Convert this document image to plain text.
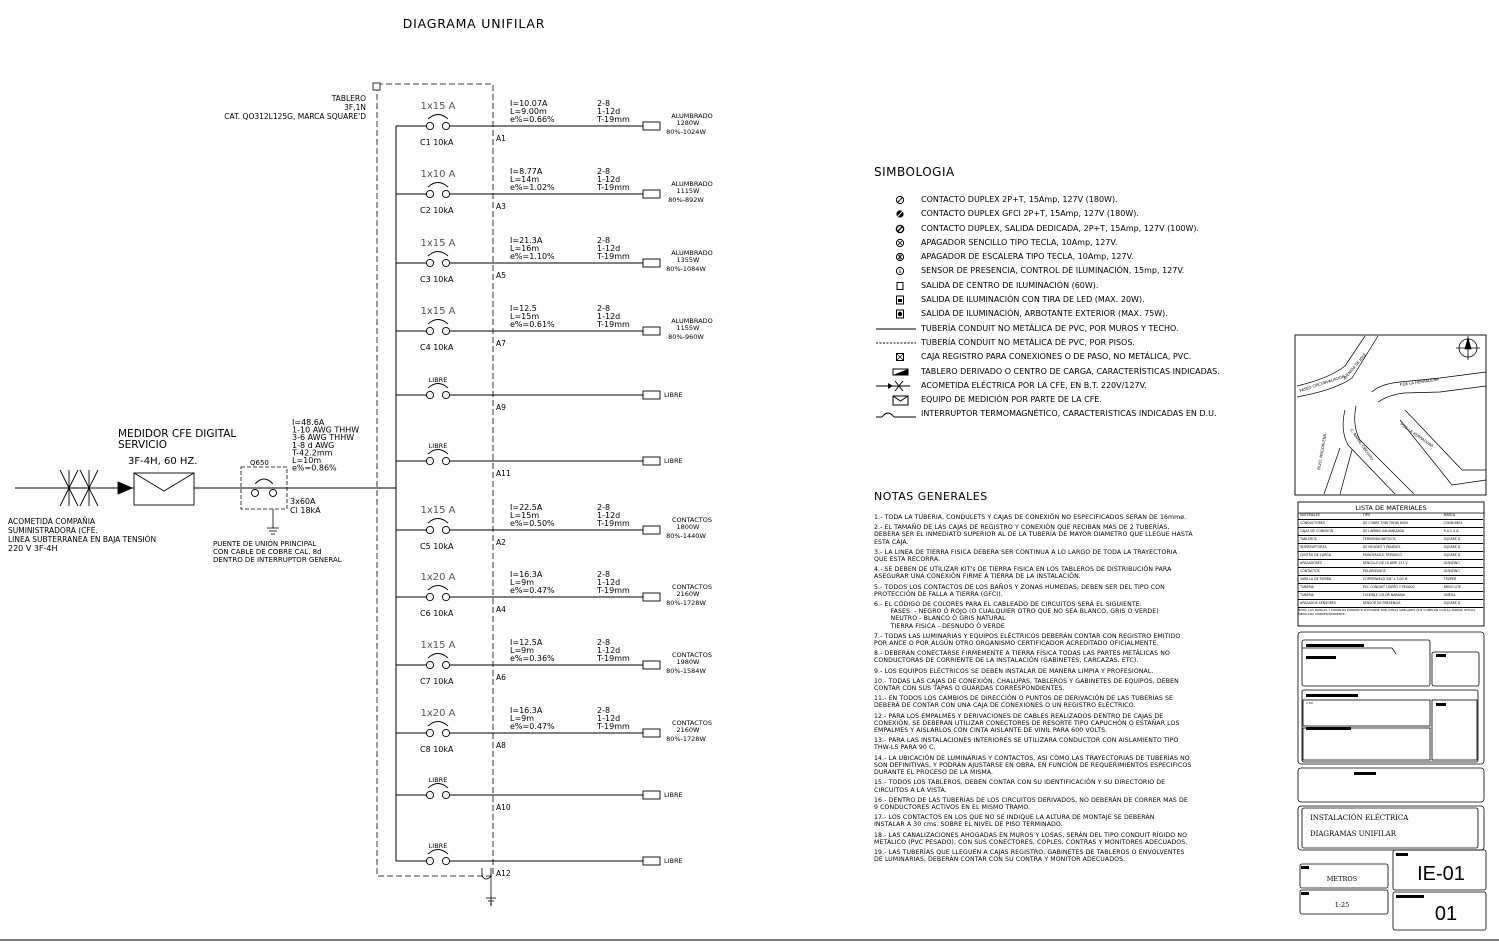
DIAGRAMA UNIFILAR
TABLERO
3F,1N
CAT. QO312L125G, MARCA SQUARE'D
1x15 A
C1 10kA
I=10.07A
L=9.00m
e%=0.66%
2-8
1-12d
T-19mm	ALUMBRADO
1280W
80%-1024W
A1
1x10 A
C2 10kA
I=8.77A
L=14m
e%=1.02%
2-8
1-12d
T-19mm	ALUMBRADO
1115W
80%-892W
A3
1x15 A
C3 10kA
I=21.3A
L=16m
e%=1.10%
2-8
1-12d
T-19mm	ALUMBRADO
1355W
80%-1084W
A5
1x15 A
C4 10kA
I=12.5
L=15m
e%=0.61%
2-8
1-12d
T-19mm	ALUMBRADO
1155W
80%-960W
A7
LIBRE
LIBRE
A9
LIBRE
LIBRE
A11
1x15 A
C5 10kA
I=22.5A
L=15m
e%=0.50%
2-8
1-12d
T-19mm	CONTACTOS
1800W
80%-1440W
A2
1x20 A
C6 10kA
I=16.3A
L=9m
e%=0.47%
2-8
1-12d
T-19mm	CONTACTOS
2160W
80%-1728W
A4
1x15 A
C7 10kA
I=12.5A
L=9m
e%=0.36%
2-8
1-12d
T-19mm	CONTACTOS
1980W
80%-1584W
A6
1x20 A
C8 10kA
I=16.3A
L=9m
e%=0.47%
2-8
1-12d
T-19mm	CONTACTOS
2160W
80%-1728W
A8
LIBRE
LIBRE
A10
LIBRE
LIBRE
A12
ACOMETIDA COMPAÑIA
SUMINISTRADORA (CFE.
LINEA SUBTERRANEA EN BAJA TENSIÓN
220 V 3F-4H
MEDIDOR CFE DIGITAL
SERVICIO
3F-4H, 60 HZ.	Q650
3x60A
Cl 18kA
I=48.6A
1-10 AWG THHW
3-6 AWG THHW
1-8 d AWG
T-42.2mm
L=10m
e%=0.86%
PUENTE DE UNIÓN PRINCIPAL
CON CABLE DE COBRE CAL. 8d
DENTRO DE INTERRUPTOR GENERAL
SIMBOLOGIA
NOTAS GENERALES
PASEO CIRCUNVALACIÓN
AVENIDA DE JOSÉ
P.DE LA HERRADURA
C. RAMAL CIRCUITO	P.DE LA HERRADURA
BLVD. MAGDALENA
LISTA DE MATERIALES
INSTALACIÓN ELÉCTRICA
DIAGRAMAS UNIFILAR
METROS
1:25
IE-01
01
1:50
CONTACTO DUPLEX 2P+T, 15Amp, 127V (180W).
CONTACTO DUPLEX GFCI 2P+T, 15Amp, 127V (180W).
CONTACTO DUPLEX, SALIDA DEDICADA, 2P+T, 15Amp, 127V (100W).
APAGADOR SENCILLO TIPO TECLA, 10Amp, 127V.
APAGADOR DE ESCALERA TIPO TECLA, 10Amp, 127V.
S SENSOR DE PRESENCIA, CONTROL DE ILUMINACIÓN, 15mp, 127V.
SALIDA DE CENTRO DE ILUMINACIÓN (60W).
SALIDA DE ILUMINACIÓN CON TIRA DE LED (MAX. 20W).
SALIDA DE ILUMINACIÓN, ARBOTANTE EXTERIOR (MAX. 75W).
TUBERÍA CONDUIT NO METÁLICA DE PVC, POR MUROS Y TECHO.
TUBERÍA CONDUIT NO METÁLICA DE PVC, POR PISOS.
CAJA REGISTRO PARA CONEXIONES O DE PASO, NO METÁLICA, PVC.
TABLERO DERIVADO O CENTRO DE CARGA, CARACTERÍSTICAS INDICADAS.
ACOMETIDA ELÉCTRICA POR LA CFE, EN B.T. 220V/127V.
EQUIPO DE MEDICIÓN POR PARTE DE LA CFE.
INTERRUPTOR TERMOMAGNÉTICO, CARACTERISTICAS INDICADAS EN D.U.
1.- TODA LA TUBERIA, CONDULETS Y CAJAS DE CONEXIÓN NO ESPECIFICADOS SERAN DE 16mmø.
2.- EL TAMAÑO DE LAS CAJAS DE REGISTRO Y CONEXIÓN QUE RECIBAN MAS DE 2 TUBERÍAS,
DEBERA SER EL INMEDIATO SUPERIOR AL DE LA TUBERÍA DE MAYOR DIAMETRO QUE LLEGUE HASTA
ESTA CAJA.
3.- LA LINEA DE TIERRA FISICA DEBERA SER CONTINUA A LO LARGO DE TODA LA TRAYECTORIA
QUE ESTA RECORRA.
4.- SE DEBEN DE UTILIZAR KIT's DE TIERRA FISICA EN LOS TABLEROS DE DISTRIBUCIÓN PARA
ASEGURAR UNA CONEXIÓN FIRME A TIERRA DE LA INSTALACIÓN.
5.- TODOS LOS CONTACTOS DE LOS BAÑOS Y ZONAS HUMEDAS, DEBEN SER DEL TIPO CON
PROTECCIÓN DE FALLA A TIERRA (GFCI).
6.- EL CÓDIGO DE COLORES PARA EL CABLEADO DE CIRCUITOS SERÁ EL SIGUIENTE:
FASES  - NEGRO Ó ROJO (O CUALQUIER OTRO QUE NO SEA BLANCO, GRIS O VERDE)
NEUTRO - BLANCO Ó GRIS NATURAL
TIERRA FISICA - DESNUDO Ó VERDE
7.- TODAS LAS LUMINARIAS Y EQUIPOS ELÉCTRICOS DEBERÁN CONTAR CON REGISTRO EMITIDO
POR ANCE O POR ALGÚN OTRO ORGANISMO CERTIFICADOR ACREDITADO OFICIALMENTE.
8.- DEBERÁN CONECTARSE FIRMEMENTE A TIERRA FÍSICA TODAS LAS PARTES METÁLICAS NO
CONDUCTORAS DE CORRIENTE DE LA INSTALACIÓN (GABINETES, CARCAZAS, ETC).
9.- LOS EQUIPOS ELÉCTRICOS SE DEBEN INSTALAR DE MANERA LIMPIA Y PROFESIONAL.
10.- TODAS LAS CAJAS DE CONEXIÓN, CHALUPAS, TABLEROS Y GABINETES DE EQUIPOS, DEBEN
CONTAR CON SUS TAPAS O GUARDAS CORRESPONDIENTES.
11.- EN TODOS LOS CAMBIOS DE DIRECCIÓN O PUNTOS DE DERIVACIÓN DE LAS TUBERÍAS SE
DEBERÁ DE CONTAR CON UNA CAJA DE CONEXIONES O UN REGISTRO ELÉCTRICO.
12.- PARA LOS EMPALMES Y DERIVACIONES DE CABLES REALIZADOS DENTRO DE CAJAS DE
CONEXIÓN, SE DEBERAN UTILIZAR CONECTORES DE RESORTE TIPO CAPUCHÓN O ESTAÑAR LOS
EMPALMES Y AISLARLOS CON CINTA AISLANTE DE VINIL PARA 600 VOLTS.
13.- PARA LAS INSTALACIONES INTERIORES SE UTILIZARA CONDUCTOR CON AISLAMIENTO TIPO
THW-LS PARA 90 C.
14.- LA UBICACIÓN DE LUMINARIAS Y CONTACTOS, ASI COMO LAS TRAYECTORIAS DE TUBERÍAS NO
SON DEFINITIVAS, Y PODRÁN AJUSTARSE EN OBRA, EN FUNCIÓN DE REQUERIMIENTOS ESPECIFICOS
DURANTE EL PROCESO DE LA MISMA.
15.- TODOS LOS TABLEROS, DEBEN CONTAR CON SU IDENTIFICACIÓN Y SU DIRECTORIO DE
CIRCUITOS A LA VISTA.
16.- DENTRO DE LAS TUBERÍAS DE LOS CIRCUITOS DERIVADOS, NO DEBERÁN DE CORRER MAS DE
9 CONDUCTORES ACTIVOS EN EL MISMO TRAMO.
17.- LOS CONTACTOS EN LOS QUE NO SE INDIQUE LA ALTURA DE MONTAJE SE DEBERÁN
INSTALAR A 30 cms. SOBRE EL NIVEL DE PISO TERMINADO.
18.- LAS CANALIZACIONES AHOGADAS EN MUROS Y LOSAS, SERÁN DEL TIPO CONDUIT RÍGIDO NO
METÁLICO (PVC PESADO), CON SUS CONECTORES, COPLES, CONTRAS Y MONITORES ADECUADOS.
19.- LAS TUBERÍAS QUE LLEGUEN A CAJAS REGISTRO, GABINETES DE TABLEROS O ENVOLVENTES
DE LUMINARIAS, DEBERÁN CONTAR CON SU CONTRA Y MONITOR ADECUADOS.
MATERIALES	TIPO	MARCA
CONDUCTORES	DE COBRE THW THHW 600V	CONDUMEX
CAJAS DE CONEXIÓN	DE LAMINA GALVANIZADA	R.A.C.S.A.
TABLEROS	TERMOMAGNETICOS	SQUARE D
INTERRUPTORES	DE MOLDEO Y PANELES	SQUARE D
CENTRO DE CARGA	MONOFÁSICO TRIFÁSICO	SQUARE D
APAGADORES	SENCILLO DE 10 AMP. 127 V	QUINZIÑO
CONTACTOS	POLARIZADOS	QUINZIÑO
VARILLA DE TIERRA	COPPERWELD 5/8" x 3.00 M	TRUPER
TUBERIA	PVC CONDUIT LIGERO Y PESADO	BRISO LITE
TUBERIA	FLEXIBLE COLOR NARANJA	OMEGA
APAGADOS SENSORES	SENSOR DE PRESENCIA	SQUARE D
NOTA: LAS MARCAS Y MODELOS PUEDEN SUSTITUIRSE POR OTRAS SIMILARES QUE CUMPLAN CON LA NORMA OFICIAL MEXICANA CORRESPONDIENTE.
